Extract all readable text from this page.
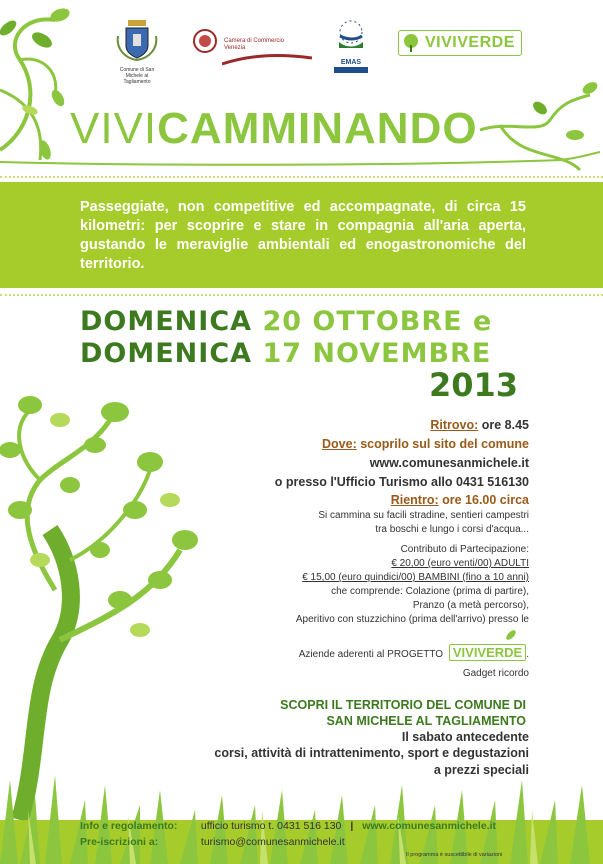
Comune di San Michele al Tagliamento
Camera di Commercio Venezia
EMAS
VIVIVERDE
VIVICAMMINANDO
Passeggiate, non competitive ed accompagnate, di circa 15 kilometri: per scoprire e stare in compagnia all'aria aperta, gustando le meraviglie ambientali ed enogastronomiche del territorio.
DOMENICA 20 OTTOBRE e
DOMENICA 17 NOVEMBRE
2013
Ritrovo: ore 8.45
Dove: scoprilo sul sito del comune
www.comunesanmichele.it
o presso l'Ufficio Turismo allo 0431 516130
Rientro: ore 16.00 circa
Si cammina su facili stradine, sentieri campestri
tra boschi e lungo i corsi d'acqua...
Contributo di Partecipazione:
€ 20,00 (euro venti/00) ADULTI
€ 15,00 (euro quindici/00) BAMBINI (fino a 10 anni)
che comprende: Colazione (prima di partire),
Pranzo (a metà percorso),
Aperitivo con stuzzichino (prima dell'arrivo) presso le
Aziende aderenti al PROGETTO VIVIVERDE .
Gadget ricordo
SCOPRI IL TERRITORIO DEL COMUNE DI
SAN MICHELE AL TAGLIAMENTO
Il sabato antecedente
corsi, attività di intrattenimento, sport e degustazioni
a prezzi speciali
Info e regolamento: ufficio turismo t. 0431 516 130 | www.comunesanmichele.it
Pre-iscrizioni a:	turismo@comunesanmichele.it
Il programma è suscettibile di variazioni
